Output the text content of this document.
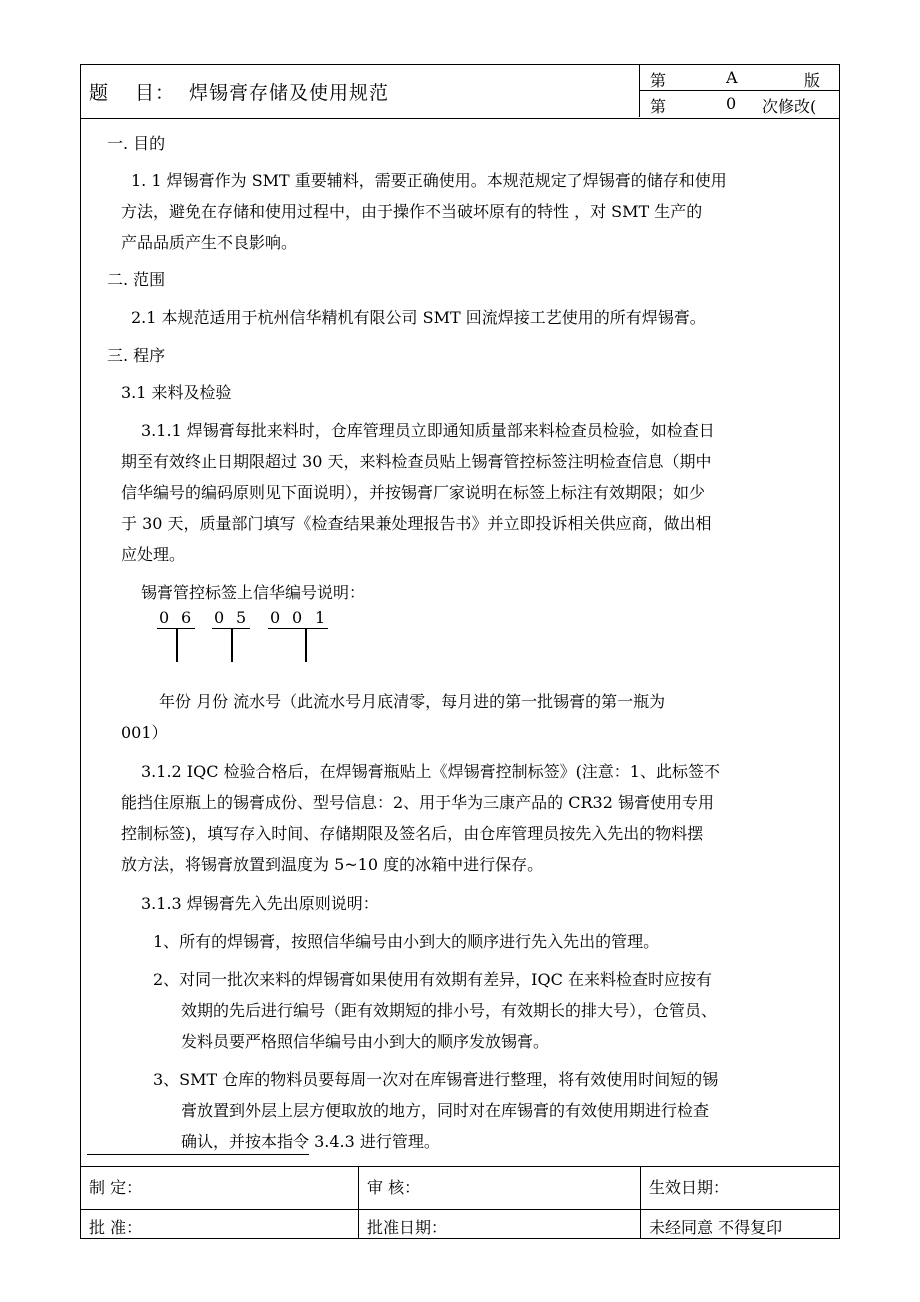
题 目： 焊锡膏存储及使用规范
第	A	版
第	0 次修改(
一. 目的
1. 1 焊锡膏作为 SMT 重要辅料，需要正确使用。本规范规定了焊锡膏的储存和使用
方法，避免在存储和使用过程中，由于操作不当破坏原有的特性 ，对 SMT 生产的
产品品质产生不良影响。
二. 范围
2.1 本规范适用于杭州信华精机有限公司 SMT 回流焊接工艺使用的所有焊锡膏。
三. 程序
3.1 来料及检验
3.1.1 焊锡膏每批来料时，仓库管理员立即通知质量部来料检查员检验，如检查日
期至有效终止日期限超过 30 天，来料检查员贴上锡膏管控标签注明检查信息（期中
信华编号的编码原则见下面说明），并按锡膏厂家说明在标签上标注有效期限；如少
于 30 天，质量部门填写《检查结果兼处理报告书》并立即投诉相关供应商，做出相
应处理。
锡膏管控标签上信华编号说明：
0 6 0 5 0 0 1
年份 月份 流水号（此流水号月底清零，每月进的第一批锡膏的第一瓶为
001）
3.1.2 IQC 检验合格后，在焊锡膏瓶贴上《焊锡膏控制标签》(注意：1、此标签不
能挡住原瓶上的锡膏成份、型号信息：2、用于华为三康产品的 CR32 锡膏使用专用
控制标签)，填写存入时间、存储期限及签名后，由仓库管理员按先入先出的物料摆
放方法，将锡膏放置到温度为 5~10 度的冰箱中进行保存。
3.1.3 焊锡膏先入先出原则说明：
1、所有的焊锡膏，按照信华编号由小到大的顺序进行先入先出的管理。
2、对同一批次来料的焊锡膏如果使用有效期有差异，IQC 在来料检查时应按有
效期的先后进行编号（距有效期短的排小号，有效期长的排大号），仓管员、
发料员要严格照信华编号由小到大的顺序发放锡膏。
3、SMT 仓库的物料员要每周一次对在库锡膏进行整理，将有效使用时间短的锡
膏放置到外层上层方便取放的地方，同时对在库锡膏的有效使用期进行检查
确认，并按本指令 3.4.3 进行管理。
制 定：	审 核：	生效日期：
批 准：	批准日期：	未经同意 不得复印
